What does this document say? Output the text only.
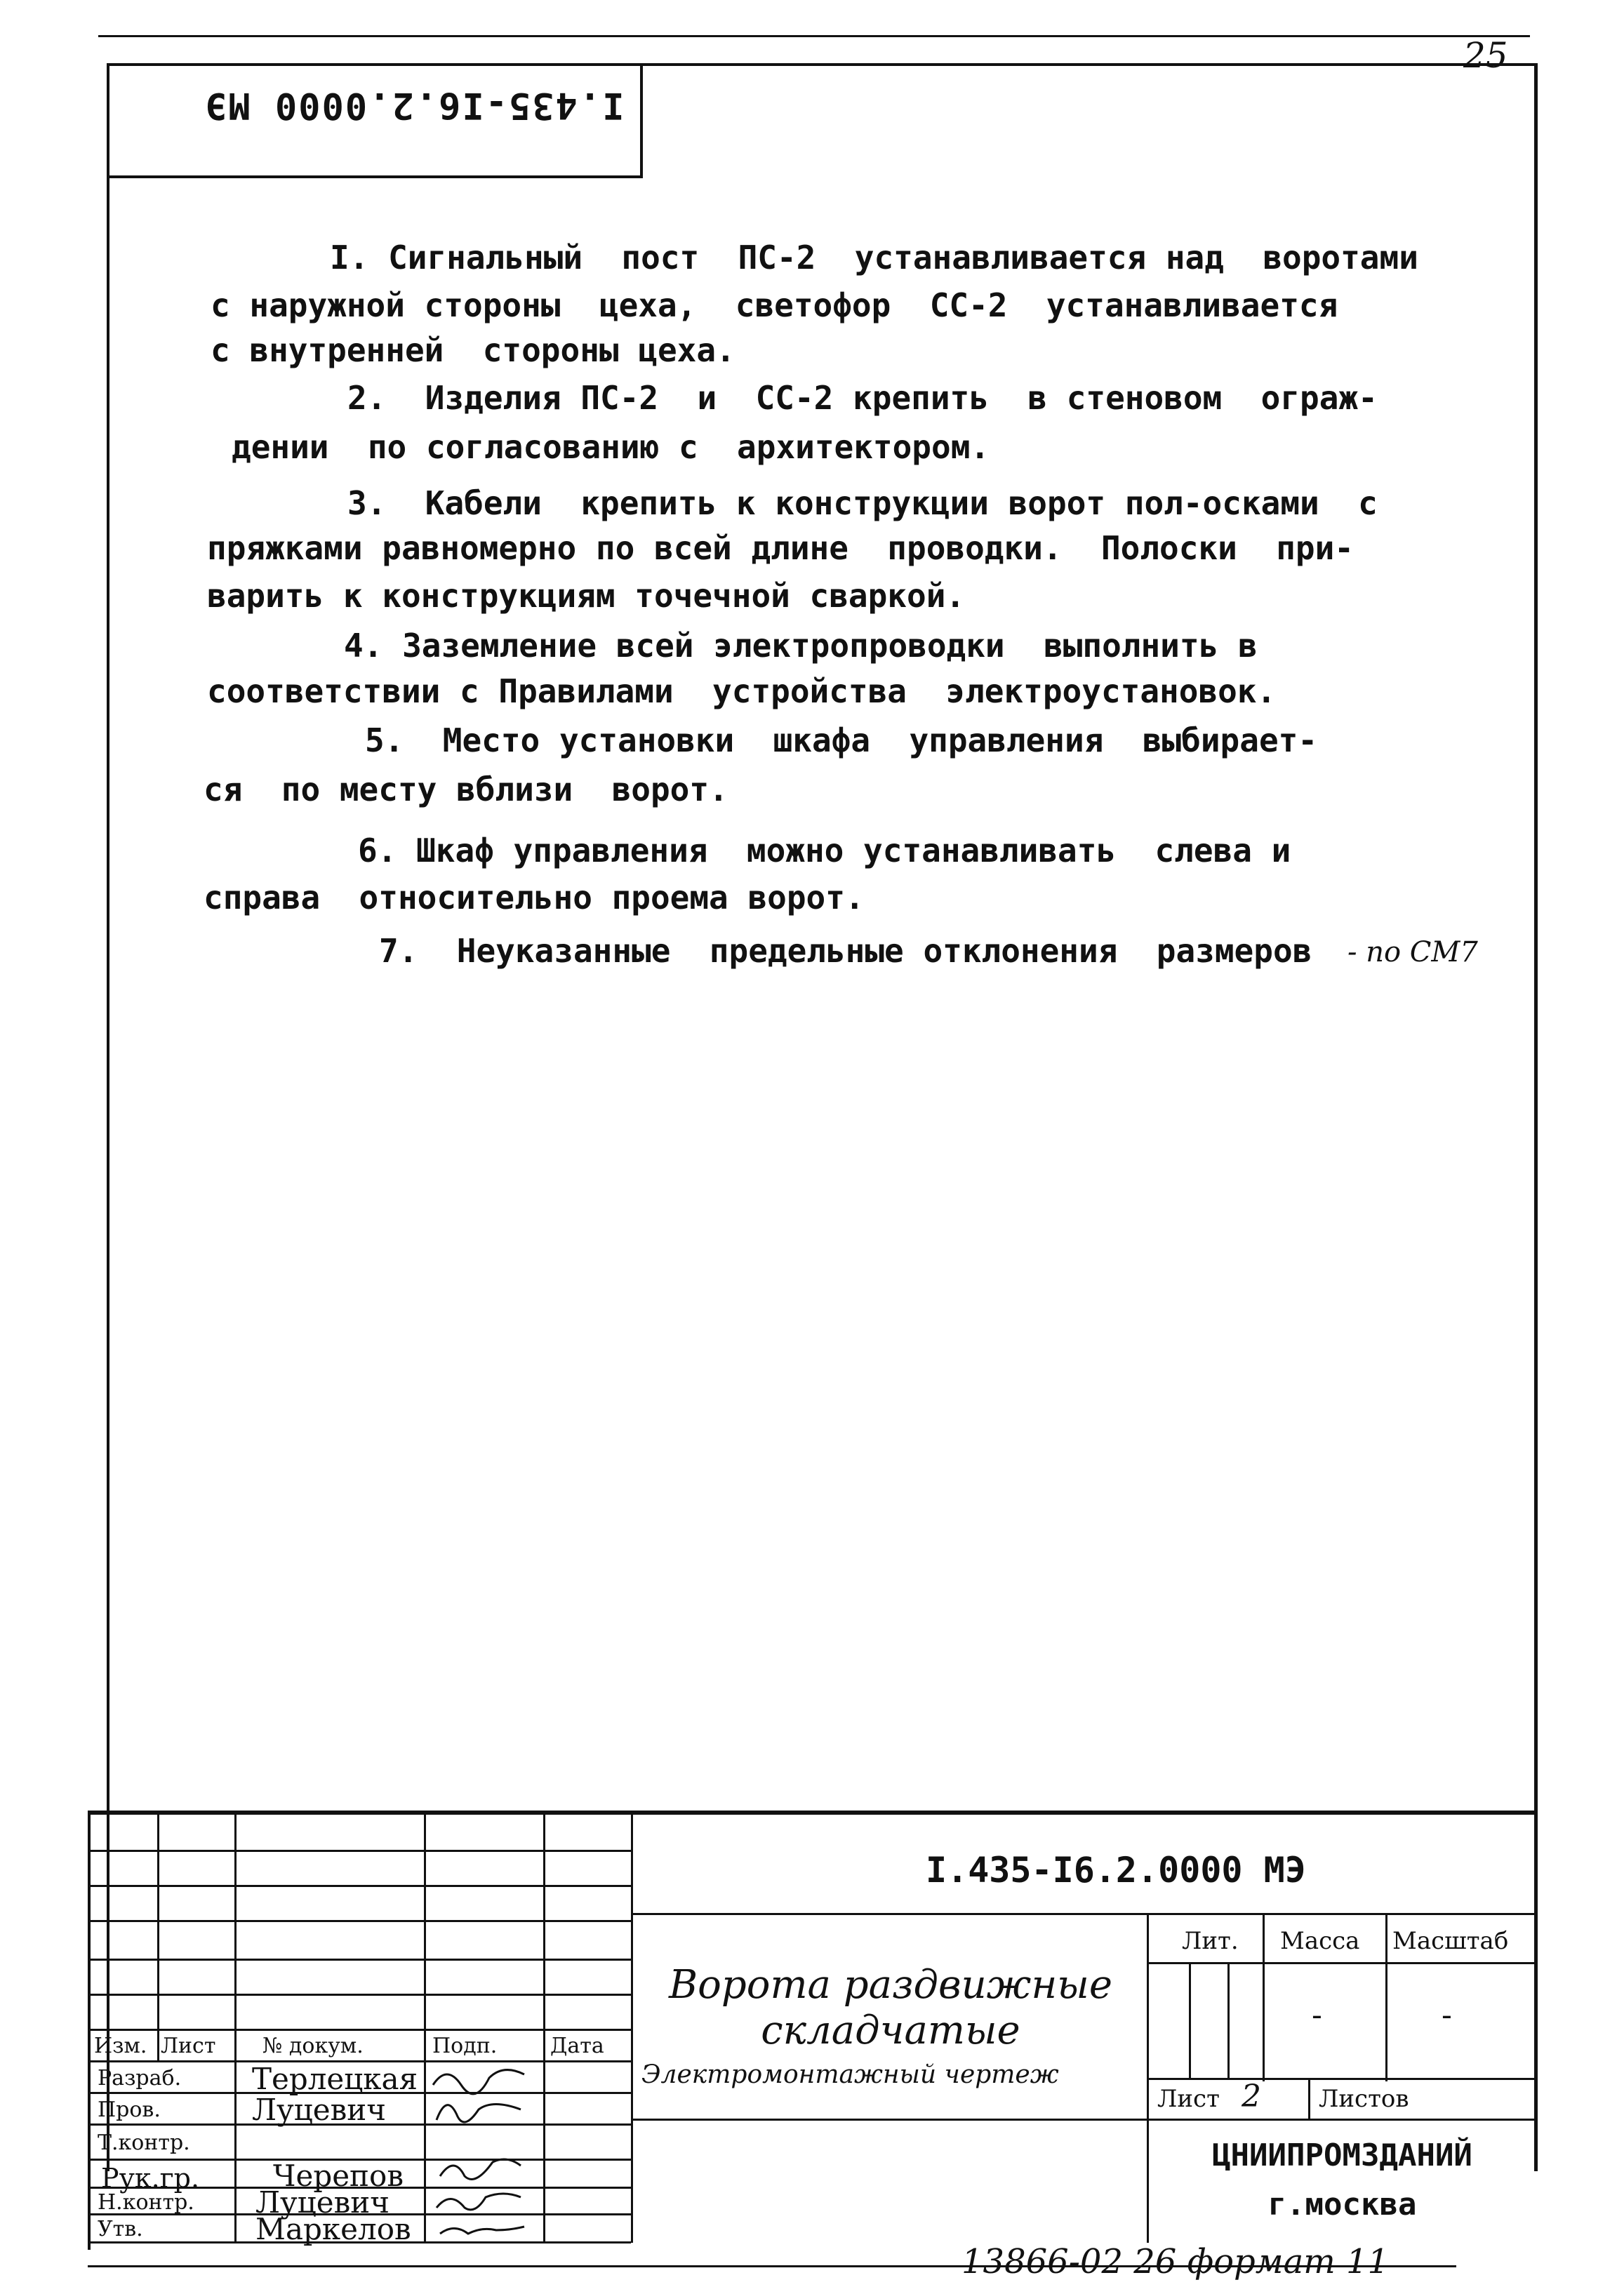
25
I.435-I6.2.0000 МЭ
I. Сигнальный  пост  ПС-2  устанавливается над  воротами
с наружной стороны  цеха,  светофор  СС-2  устанавливается
с внутренней  стороны цеха.
2.  Изделия ПС-2  и  СС-2 крепить  в стеновом  ограж-
дении  по согласованию с  архитектором.
3.  Кабели  крепить к конструкции ворот пол-осками  с
пряжками равномерно по всей длине  проводки.  Полоски  при-
варить к конструкциям точечной сваркой.
4. Заземление всей электропроводки  выполнить в
соответствии с Правилами  устройства  электроустановок.
5.  Место установки  шкафа  управления  выбирает-
ся  по месту вблизи  ворот.
6. Шкаф управления  можно устанавливать  слева и
справа  относительно проема ворот.
7.  Неуказанные  предельные отклонения  размеров - по СМ7
Изм. Лист № докум.	Подп.	Дата
Разраб. Терлецкая
Пров.	Луцевич
Т.контр.
Рук.гр. Черепов
Н.контр. Луцевич
Утв.	Маркелов
I.435-I6.2.0000 МЭ
Ворота раздвижные
складчатые
Электромонтажный чертеж
Лит. Масса Масштаб
-	-
Лист 2 Листов
ЦНИИПРОМЗДАНИЙ
г.москва
13866-02 26 формат 11
